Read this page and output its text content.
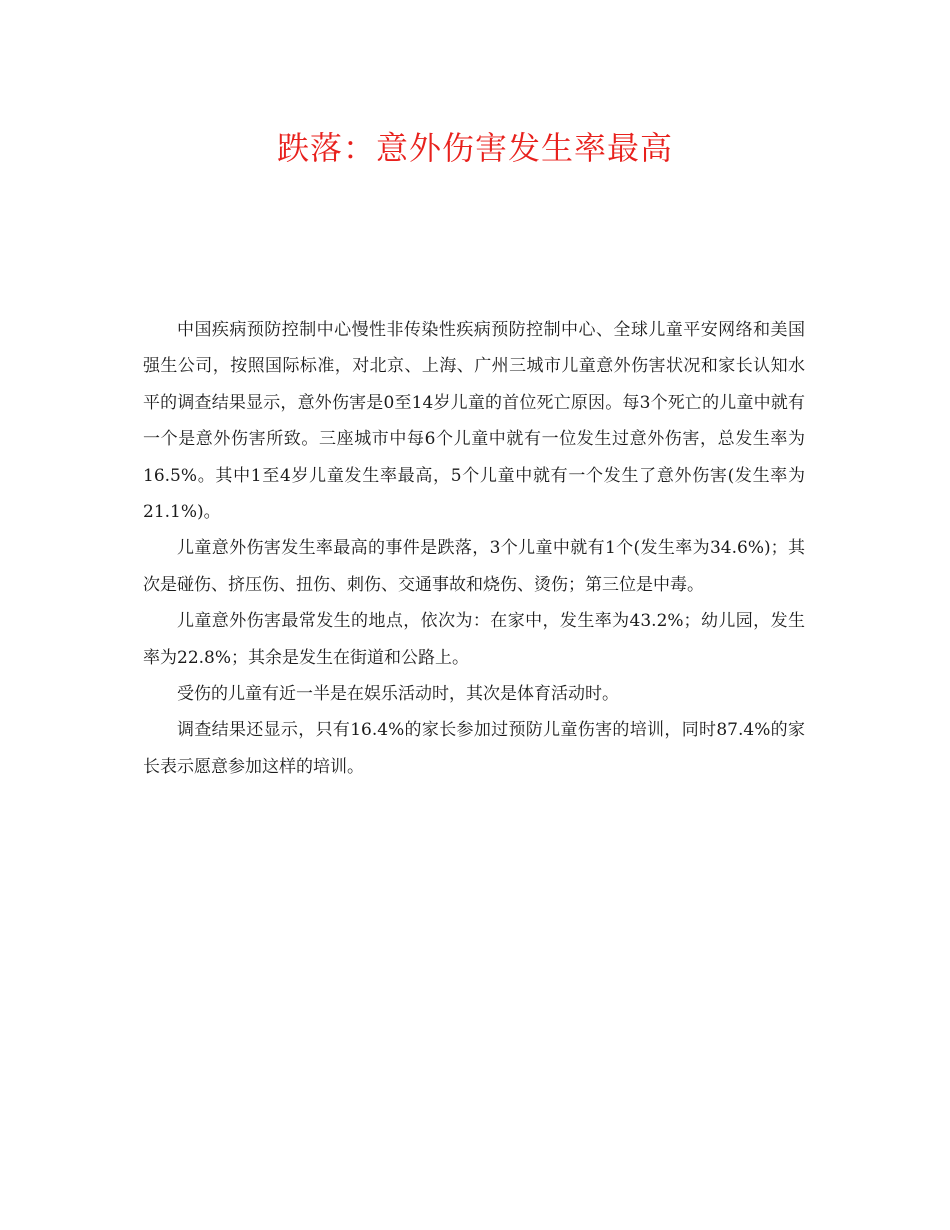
跌落：意外伤害发生率最高

中国疾病预防控制中心慢性非传染性疾病预防控制中心、全球儿童平安网络和美国强生公司，按照国际标准，对北京、上海、广州三城市儿童意外伤害状况和家长认知水平的调查结果显示，意外伤害是0至14岁儿童的首位死亡原因。每3个死亡的儿童中就有一个是意外伤害所致。三座城市中每6个儿童中就有一位发生过意外伤害，总发生率为16.5%。其中1至4岁儿童发生率最高，5个儿童中就有一个发生了意外伤害(发生率为21.1%)。

儿童意外伤害发生率最高的事件是跌落，3个儿童中就有1个(发生率为34.6%)；其次是碰伤、挤压伤、扭伤、刺伤、交通事故和烧伤、烫伤；第三位是中毒。

儿童意外伤害最常发生的地点，依次为：在家中，发生率为43.2%；幼儿园，发生率为22.8%；其余是发生在街道和公路上。

受伤的儿童有近一半是在娱乐活动时，其次是体育活动时。

调查结果还显示，只有16.4%的家长参加过预防儿童伤害的培训，同时87.4%的家长表示愿意参加这样的培训。
